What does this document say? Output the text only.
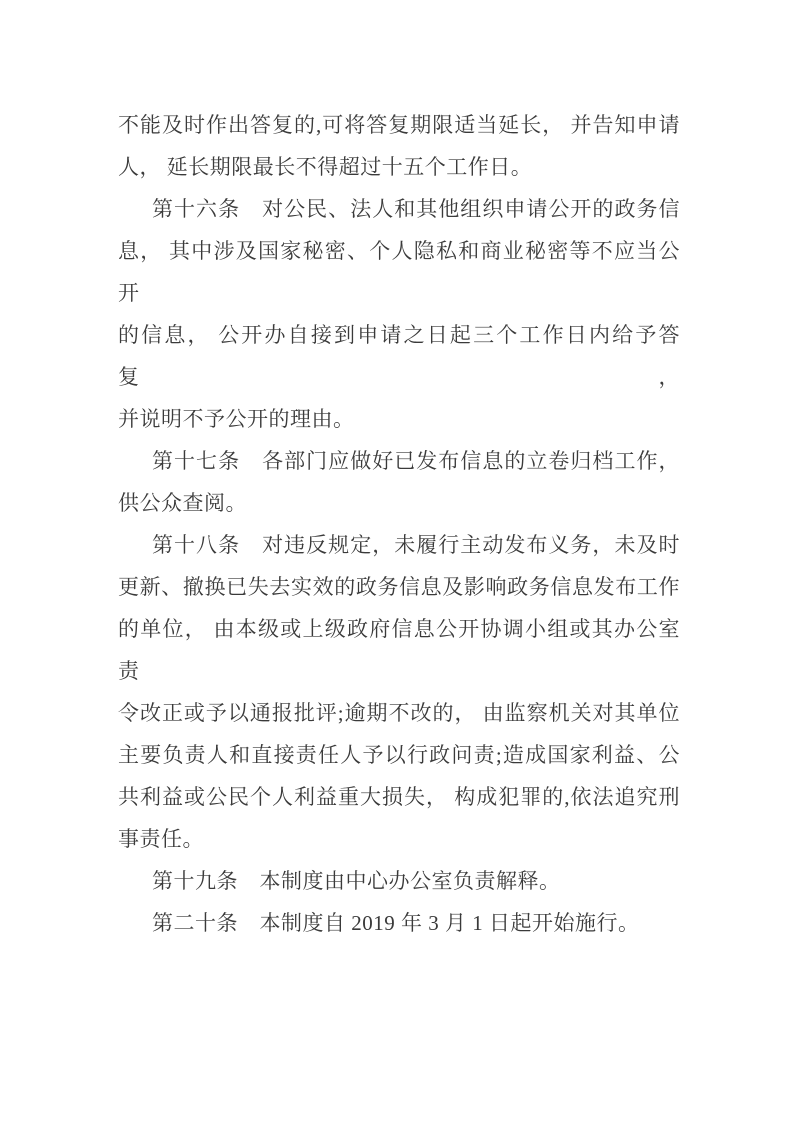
不能及时作出答复的,可将答复期限适当延长， 并告知申请
人， 延长期限最长不得超过十五个工作日。
第十六条　对公民、法人和其他组织申请公开的政务信
息， 其中涉及国家秘密、个人隐私和商业秘密等不应当公开
的信息， 公开办自接到申请之日起三个工作日内给予答复，
并说明不予公开的理由。
第十七条　各部门应做好已发布信息的立卷归档工作，
供公众查阅。
第十八条　对违反规定，未履行主动发布义务，未及时
更新、撤换已失去实效的政务信息及影响政务信息发布工作
的单位， 由本级或上级政府信息公开协调小组或其办公室责
令改正或予以通报批评;逾期不改的， 由监察机关对其单位
主要负责人和直接责任人予以行政问责;造成国家利益、公
共利益或公民个人利益重大损失， 构成犯罪的,依法追究刑
事责任。
第十九条　本制度由中心办公室负责解释。
第二十条　本制度自 2019 年 3 月 1 日起开始施行。
